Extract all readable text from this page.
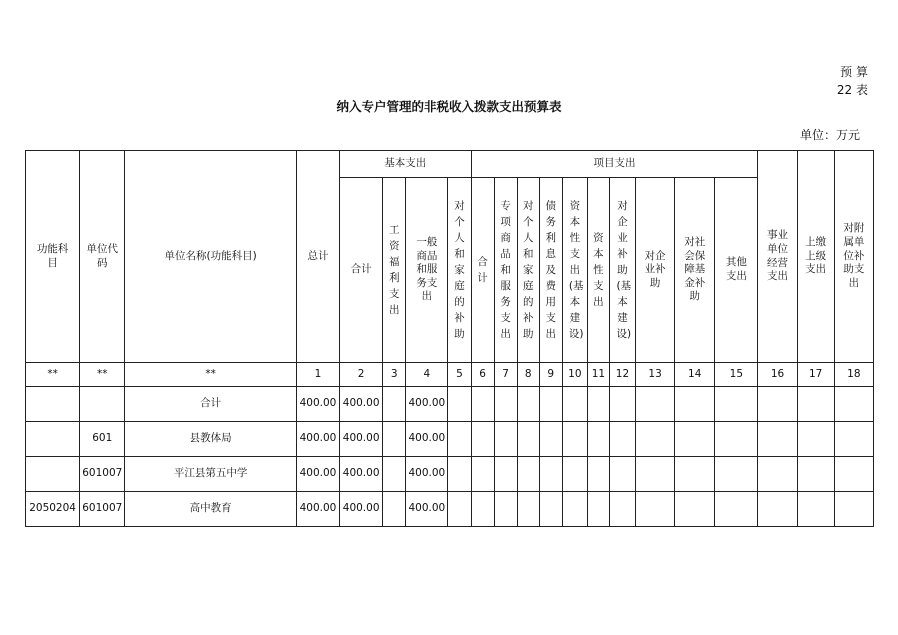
预 算
22 表
纳入专户管理的非税收入拨款支出预算表
单位：万元
功能科目	单位代码	单位名称(功能科目)	总计	基本支出				项目支出										事业单位经营支出	上缴上级支出	对附属单位补助支出
				合计	工资福利支出	一般商品和服务支出	对个人和家庭的补助	合计	专项商品和服务支出	对个人和家庭的补助	债务利息及费用支出	资本性支出(基本建设)	资本性支出	对企业补助(基本建设)	对企业补助	对社会保障基金补助	其他支出			
**	**	**	1	2	3	4	5	6	7	8	9	10	11	12	13	14	15	16	17	18
		合计	400.00	400.00		400.00														
	601	县教体局	400.00	400.00		400.00														
	601007	平江县第五中学	400.00	400.00		400.00														
2050204	601007	高中教育	400.00	400.00		400.00														
